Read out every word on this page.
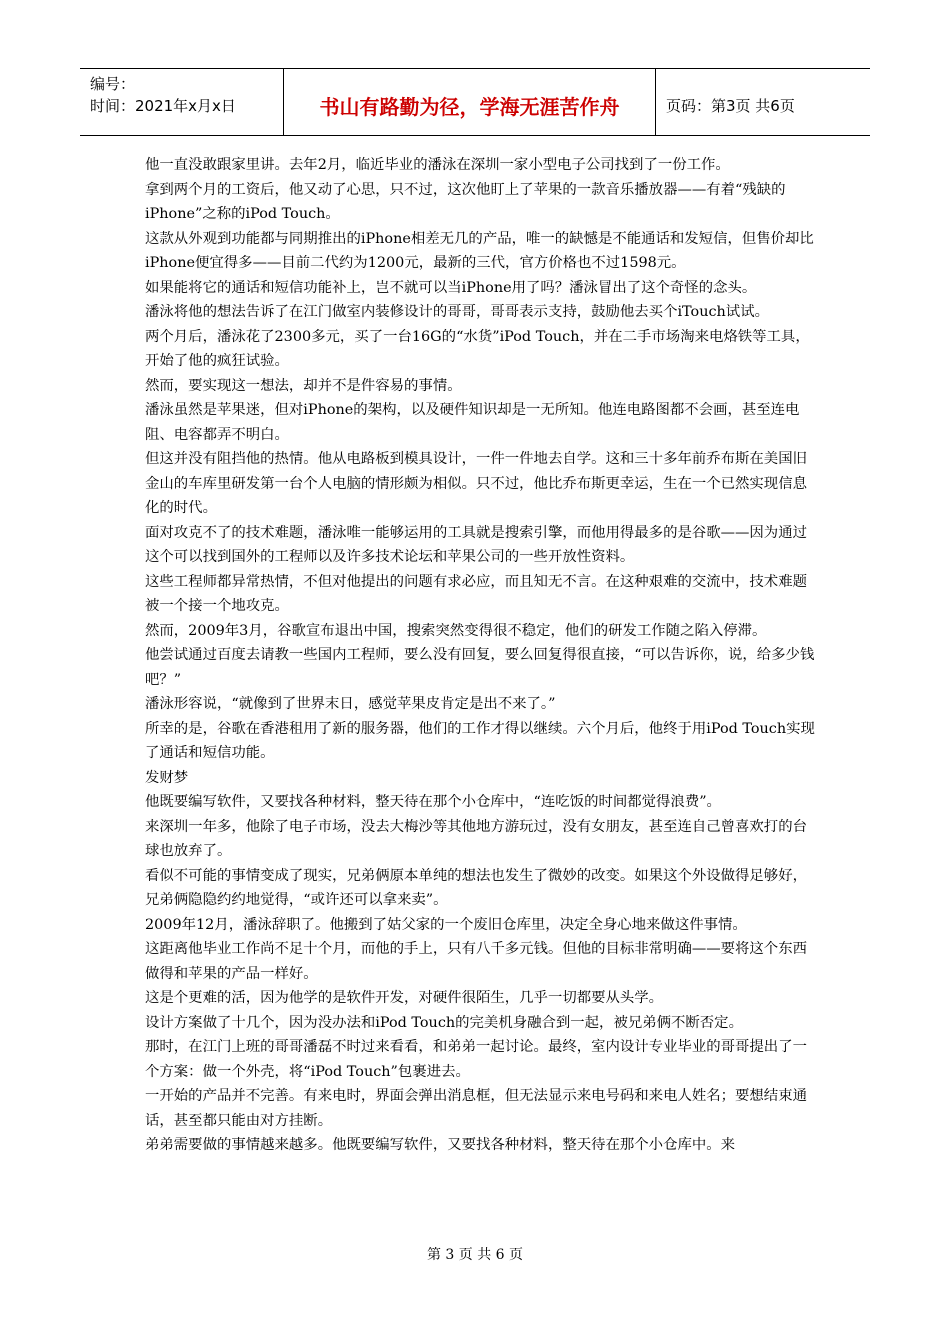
编号：
时间：2021年x月x日	书山有路勤为径，学海无涯苦作舟	页码：第3页 共6页

他一直没敢跟家里讲。去年2月，临近毕业的潘泳在深圳一家小型电子公司找到了一份工作。

拿到两个月的工资后，他又动了心思，只不过，这次他盯上了苹果的一款音乐播放器——有着“残缺的iPhone”之称的iPod Touch。

这款从外观到功能都与同期推出的iPhone相差无几的产品，唯一的缺憾是不能通话和发短信，但售价却比iPhone便宜得多——目前二代约为1200元，最新的三代，官方价格也不过1598元。

如果能将它的通话和短信功能补上，岂不就可以当iPhone用了吗？潘泳冒出了这个奇怪的念头。

潘泳将他的想法告诉了在江门做室内装修设计的哥哥，哥哥表示支持，鼓励他去买个iTouch试试。

两个月后，潘泳花了2300多元，买了一台16G的“水货”iPod Touch，并在二手市场淘来电烙铁等工具，开始了他的疯狂试验。

然而，要实现这一想法，却并不是件容易的事情。

潘泳虽然是苹果迷，但对iPhone的架构，以及硬件知识却是一无所知。他连电路图都不会画，甚至连电阻、电容都弄不明白。

但这并没有阻挡他的热情。他从电路板到模具设计，一件一件地去自学。这和三十多年前乔布斯在美国旧金山的车库里研发第一台个人电脑的情形颇为相似。只不过，他比乔布斯更幸运，生在一个已然实现信息化的时代。

面对攻克不了的技术难题，潘泳唯一能够运用的工具就是搜索引擎，而他用得最多的是谷歌——因为通过这个可以找到国外的工程师以及许多技术论坛和苹果公司的一些开放性资料。

这些工程师都异常热情，不但对他提出的问题有求必应，而且知无不言。在这种艰难的交流中，技术难题被一个接一个地攻克。

然而，2009年3月，谷歌宣布退出中国，搜索突然变得很不稳定，他们的研发工作随之陷入停滞。

他尝试通过百度去请教一些国内工程师，要么没有回复，要么回复得很直接，“可以告诉你，说，给多少钱吧？”

潘泳形容说，“就像到了世界末日，感觉苹果皮肯定是出不来了。”

所幸的是，谷歌在香港租用了新的服务器，他们的工作才得以继续。六个月后，他终于用iPod Touch实现了通话和短信功能。

发财梦

他既要编写软件，又要找各种材料，整天待在那个小仓库中，“连吃饭的时间都觉得浪费”。

来深圳一年多，他除了电子市场，没去大梅沙等其他地方游玩过，没有女朋友，甚至连自己曾喜欢打的台球也放弃了。

看似不可能的事情变成了现实，兄弟俩原本单纯的想法也发生了微妙的改变。如果这个外设做得足够好，兄弟俩隐隐约约地觉得，“或许还可以拿来卖”。

2009年12月，潘泳辞职了。他搬到了姑父家的一个废旧仓库里，决定全身心地来做这件事情。

这距离他毕业工作尚不足十个月，而他的手上，只有八千多元钱。但他的目标非常明确——要将这个东西做得和苹果的产品一样好。

这是个更难的活，因为他学的是软件开发，对硬件很陌生，几乎一切都要从头学。

设计方案做了十几个，因为没办法和iPod Touch的完美机身融合到一起，被兄弟俩不断否定。

那时，在江门上班的哥哥潘磊不时过来看看，和弟弟一起讨论。最终，室内设计专业毕业的哥哥提出了一个方案：做一个外壳，将“iPod Touch”包裹进去。

一开始的产品并不完善。有来电时，界面会弹出消息框，但无法显示来电号码和来电人姓名；要想结束通话，甚至都只能由对方挂断。

弟弟需要做的事情越来越多。他既要编写软件，又要找各种材料，整天待在那个小仓库中。来

第 3 页 共 6 页
